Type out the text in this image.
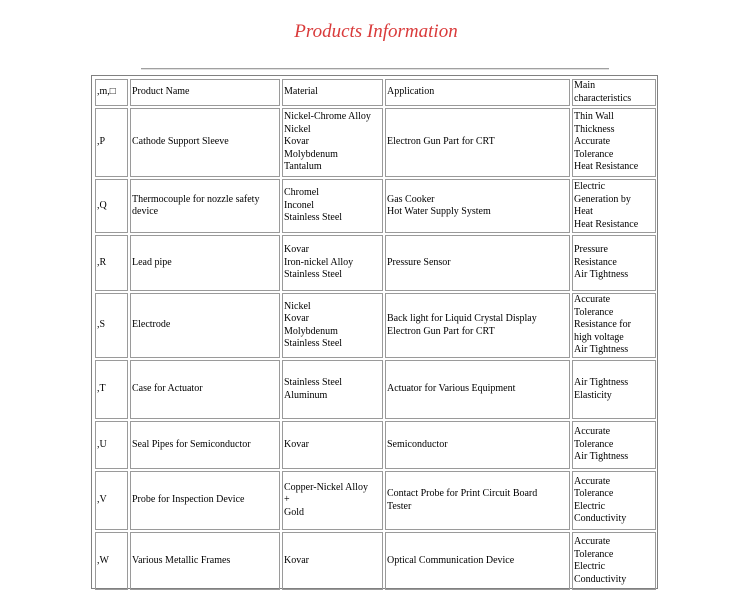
Products Information
,m,□	Product Name	Material	Application	Main
characteristics

,P	Cathode Support Sleeve	Nickel-Chrome Alloy
Nickel
Kovar
Molybdenum
Tantalum	Electron Gun Part for CRT	Thin Wall
Thickness
Accurate
Tolerance
Heat Resistance

,Q	Thermocouple for nozzle safety
device	Chromel
Inconel
Stainless Steel	Gas Cooker
Hot Water Supply System	Electric
Generation by
Heat
Heat Resistance

,R	Lead pipe	Kovar
Iron-nickel Alloy
Stainless Steel	Pressure Sensor	Pressure
Resistance
Air Tightness

,S	Electrode	Nickel
Kovar
Molybdenum
Stainless Steel	Back light for Liquid Crystal Display
Electron Gun Part for CRT	Accurate
Tolerance
Resistance for
high voltage
Air Tightness

,T	Case for Actuator	Stainless Steel
Aluminum	Actuator for Various Equipment	Air Tightness
Elasticity

,U	Seal Pipes for Semiconductor	Kovar	Semiconductor	Accurate
Tolerance
Air Tightness

,V	Probe for Inspection Device	Copper-Nickel Alloy
+
Gold	Contact Probe for Print Circuit Board
Tester	Accurate
Tolerance
Electric
Conductivity

,W	Various Metallic Frames	Kovar	Optical Communication Device	Accurate
Tolerance
Electric
Conductivity
